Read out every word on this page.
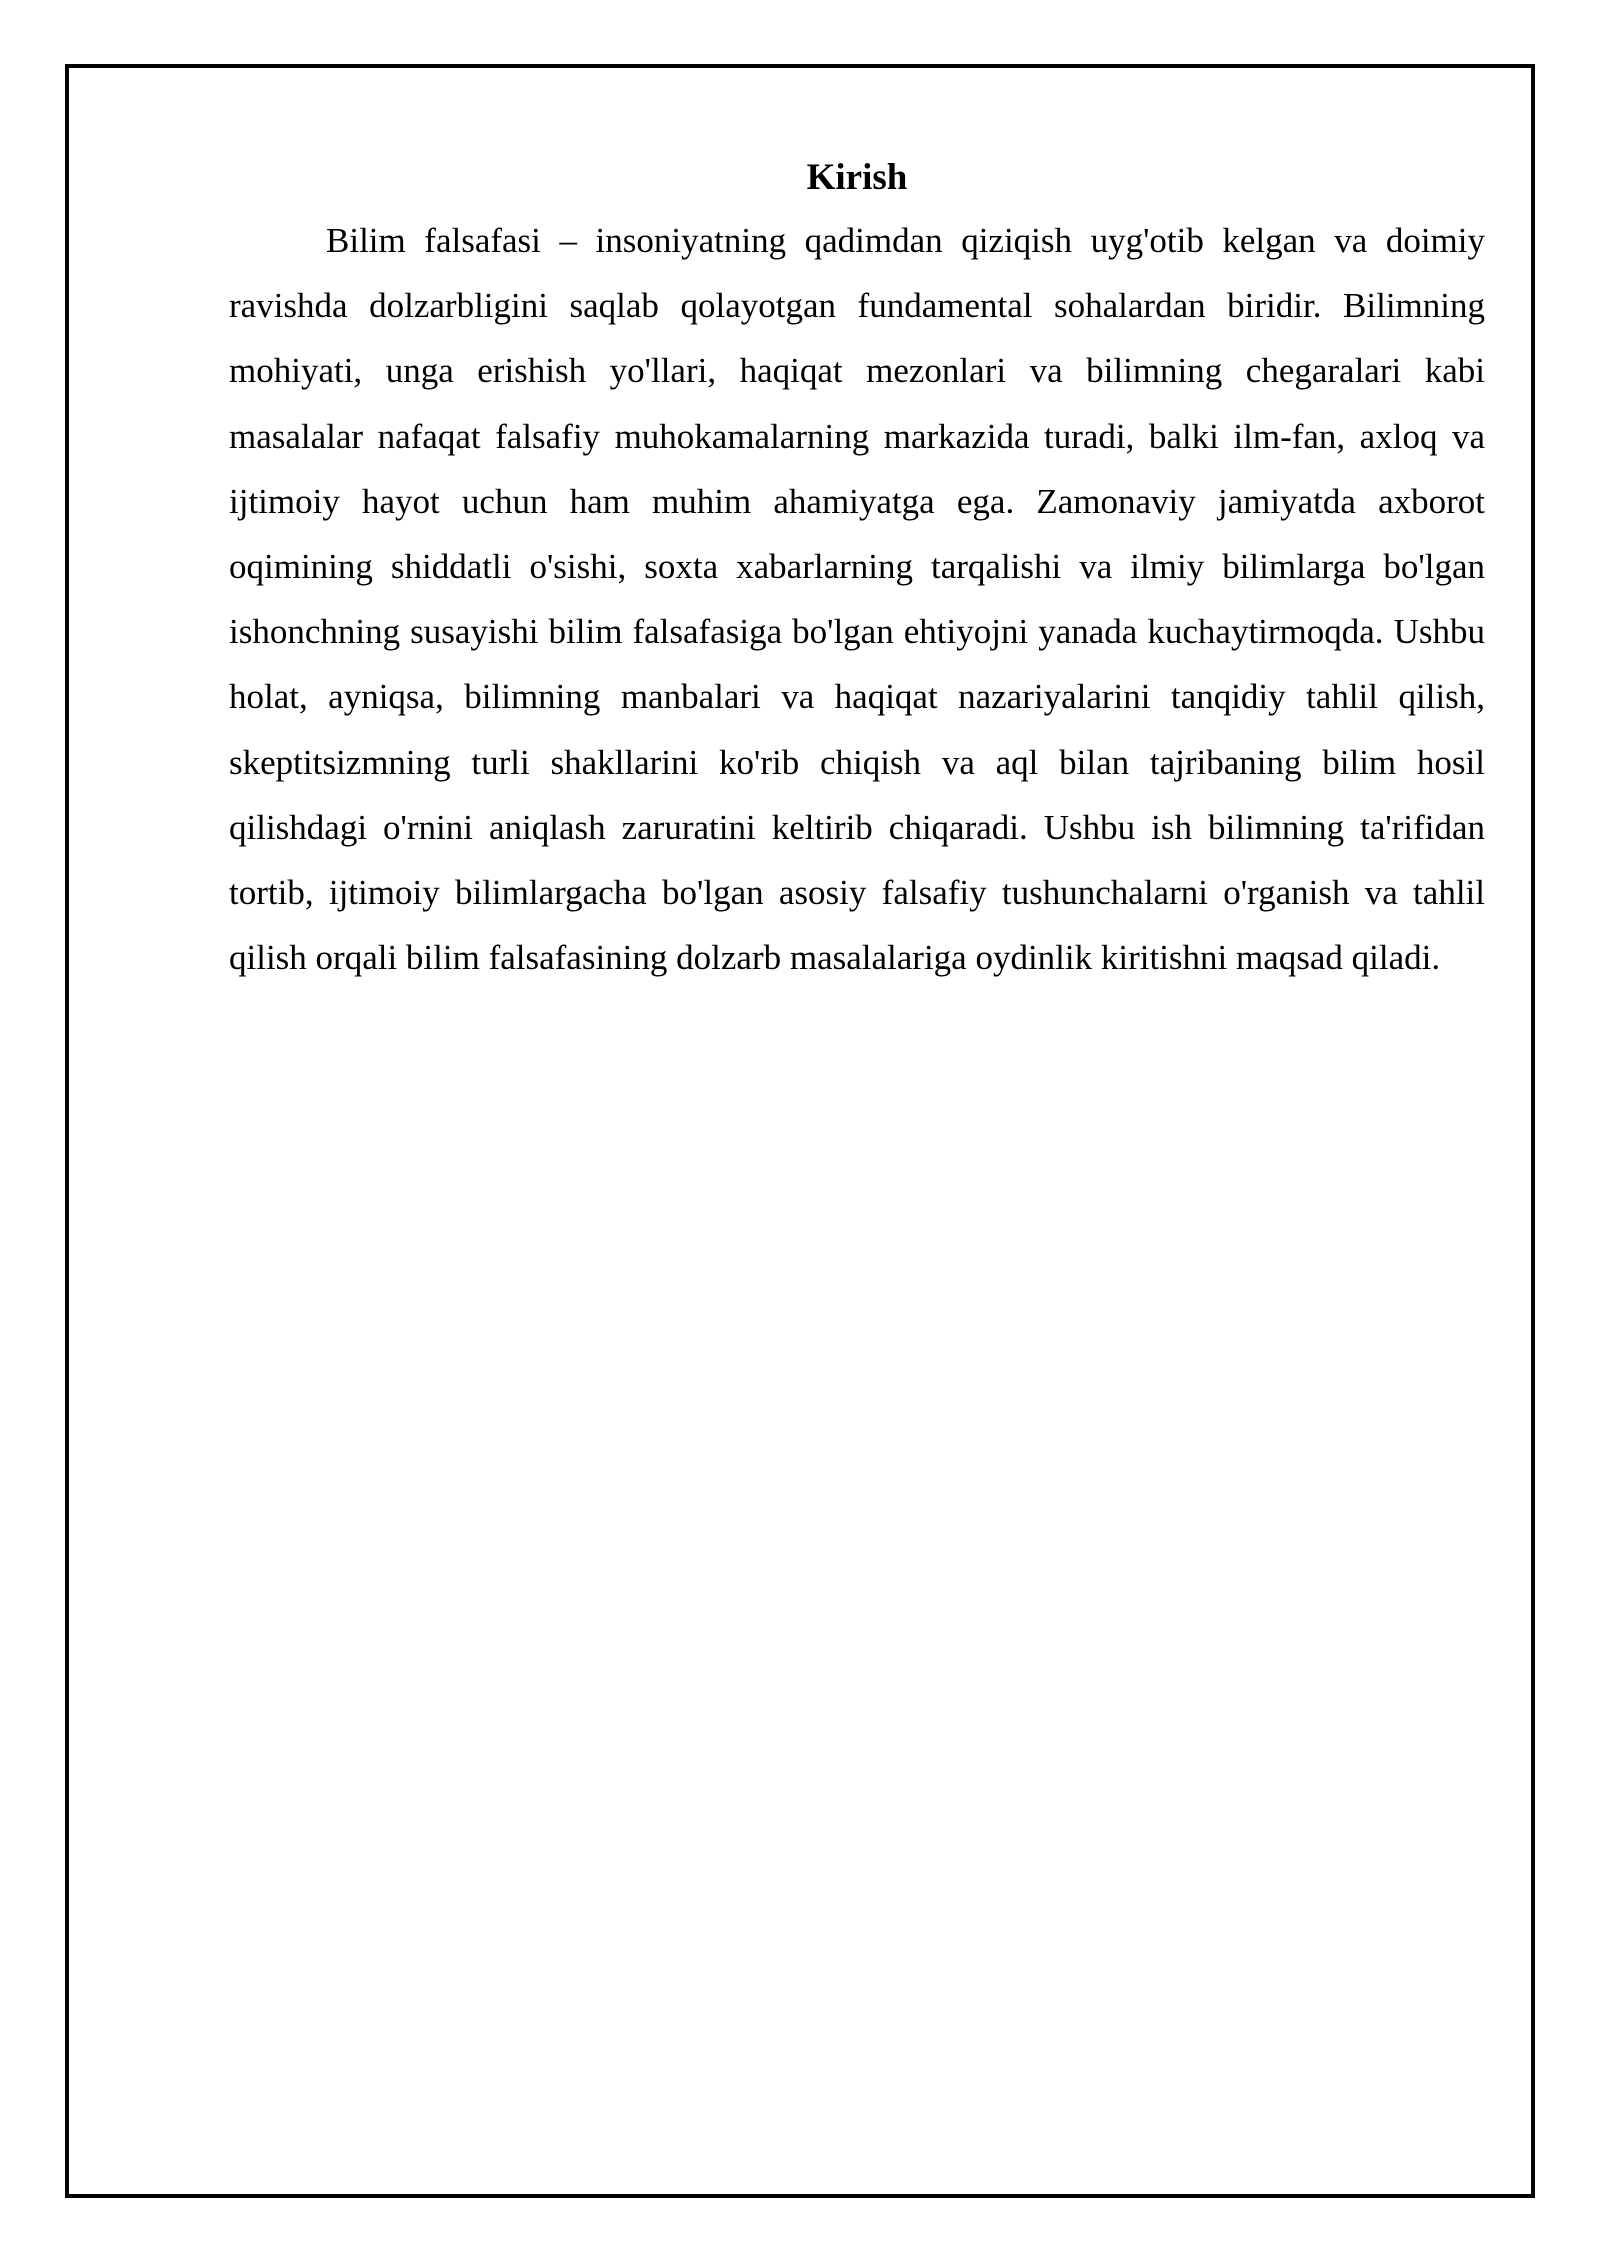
Kirish

Bilim falsafasi – insoniyatning qadimdan qiziqish uyg'otib kelgan va doimiy ravishda dolzarbligini saqlab qolayotgan fundamental sohalardan biridir. Bilimning mohiyati, unga erishish yo'llari, haqiqat mezonlari va bilimning chegaralari kabi masalalar nafaqat falsafiy muhokamalarning markazida turadi, balki ilm-fan, axloq va ijtimoiy hayot uchun ham muhim ahamiyatga ega. Zamonaviy jamiyatda axborot oqimining shiddatli o'sishi, soxta xabarlarning tarqalishi va ilmiy bilimlarga bo'lgan ishonchning susayishi bilim falsafasiga bo'lgan ehtiyojni yanada kuchaytirmoqda. Ushbu holat, ayniqsa, bilimning manbalari va haqiqat nazariyalarini tanqidiy tahlil qilish, skeptitsizmning turli shakllarini ko'rib chiqish va aql bilan tajribaning bilim hosil qilishdagi o'rnini aniqlash zaruratini keltirib chiqaradi. Ushbu ish bilimning ta'rifidan tortib, ijtimoiy bilimlargacha bo'lgan asosiy falsafiy tushunchalarni o'rganish va tahlil qilish orqali bilim falsafasining dolzarb masalalariga oydinlik kiritishni maqsad qiladi.
